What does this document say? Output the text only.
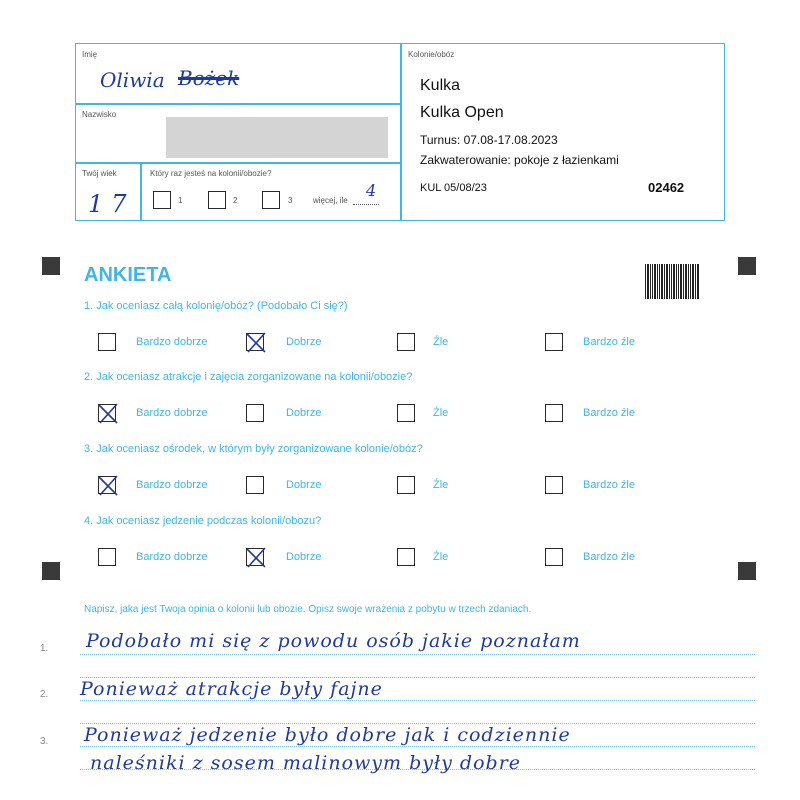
Imię
Oliwia Bożek
Nazwisko
Twój wiek
17
Który raz jesteś na kolonii/obozie?
1	2	3	więcej, ile
4
Kolonie/obóz
Kulka
Kulka Open
Turnus: 07.08-17.08.2023
Zakwaterowanie: pokoje z łazienkami
KUL 05/08/23	02462
ANKIETA
1. Jak oceniasz całą kolonię/obóz? (Podobało Ci się?)
Bardzo dobrze	Dobrze	Źle	Bardzo źle
2. Jak oceniasz atrakcje i zajęcia zorganizowane na kolonii/obozie?
Bardzo dobrze	Dobrze	Źle	Bardzo źle
3. Jak oceniasz ośrodek, w którym były zorganizowane kolonie/obóz?
Bardzo dobrze	Dobrze	Źle	Bardzo źle
4. Jak oceniasz jedzenie podczas kolonii/obozu?
Bardzo dobrze	Dobrze	Źle	Bardzo źle
Napisz, jaka jest Twoja opinia o kolonii lub obozie. Opisz swoje wrażenia z pobytu w trzech zdaniach.
1.
2.
3.
Podobało mi się z powodu osób jakie poznałam
Ponieważ atrakcje były fajne
Ponieważ jedzenie było dobre jak i codziennie
naleśniki z sosem malinowym były dobre
